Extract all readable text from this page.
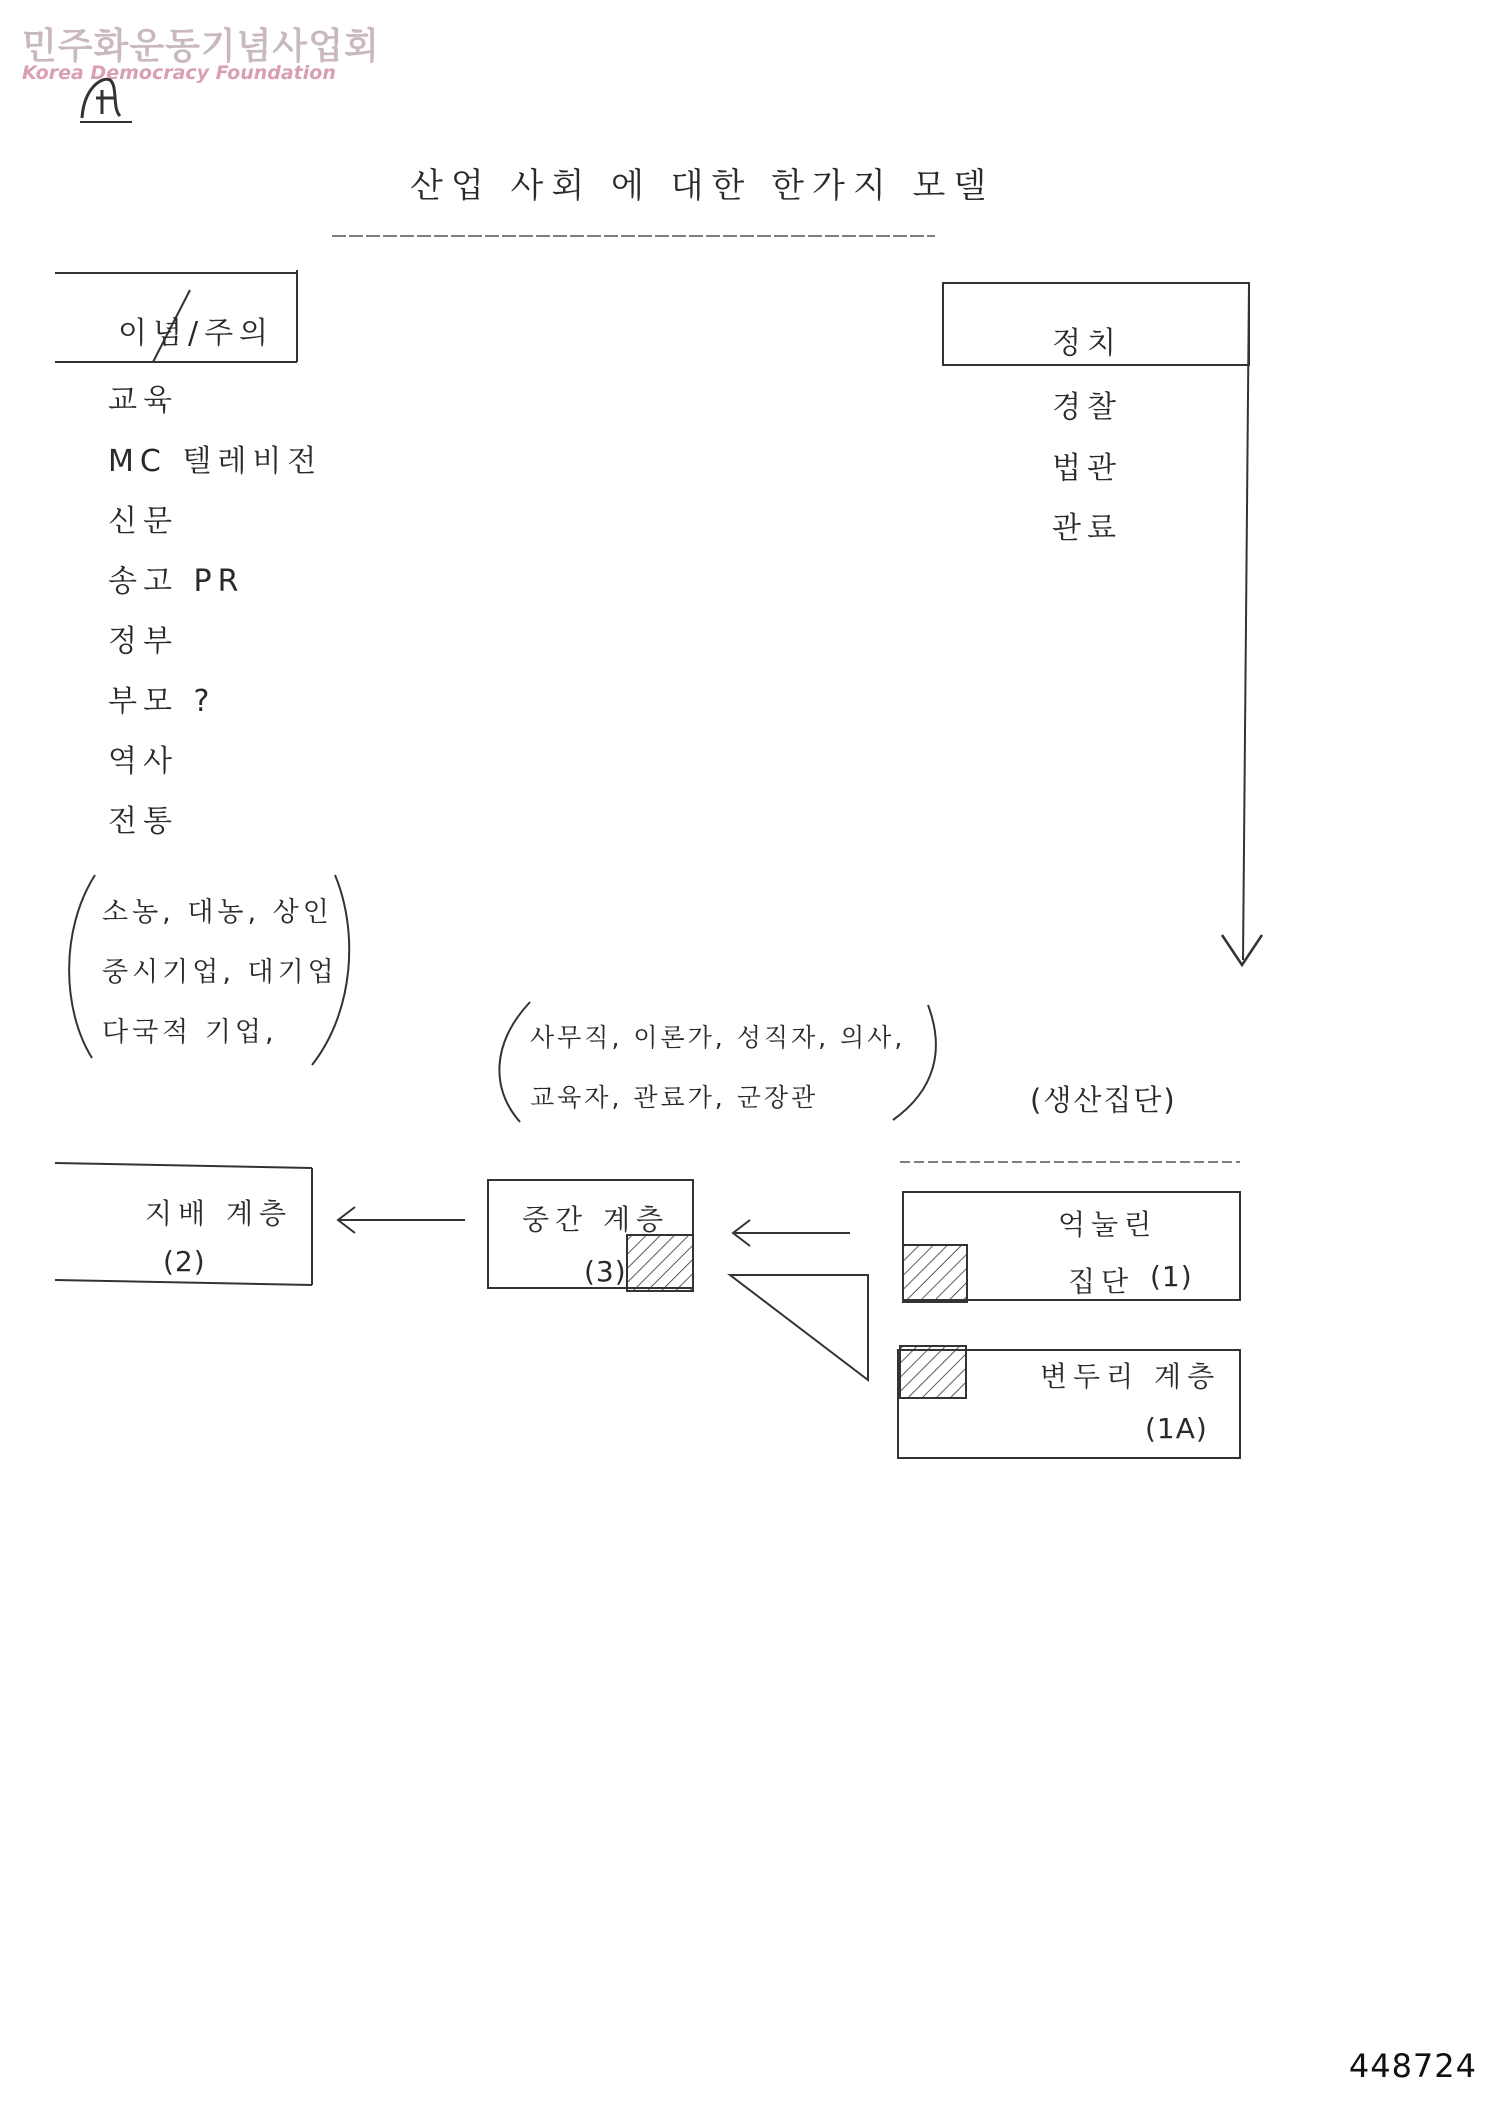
민주화운동기념사업회
Korea Democracy Foundation
산업 사회 에 대한 한가지 모델
이념/주의
교육
MC 텔레비전
신문
송고 PR
정부
부모 ?
역사
전통
소농, 대농, 상인
중시기업, 대기업
다국적 기업,
정치
경찰
법관
관료
사무직, 이론가, 성직자, 의사,
교육자, 관료가, 군장관	(생산집단)
지배 계층
(2)
중간 계층
(3)
억눌린
집단 (1)
변두리 계층
(1A)
448724
